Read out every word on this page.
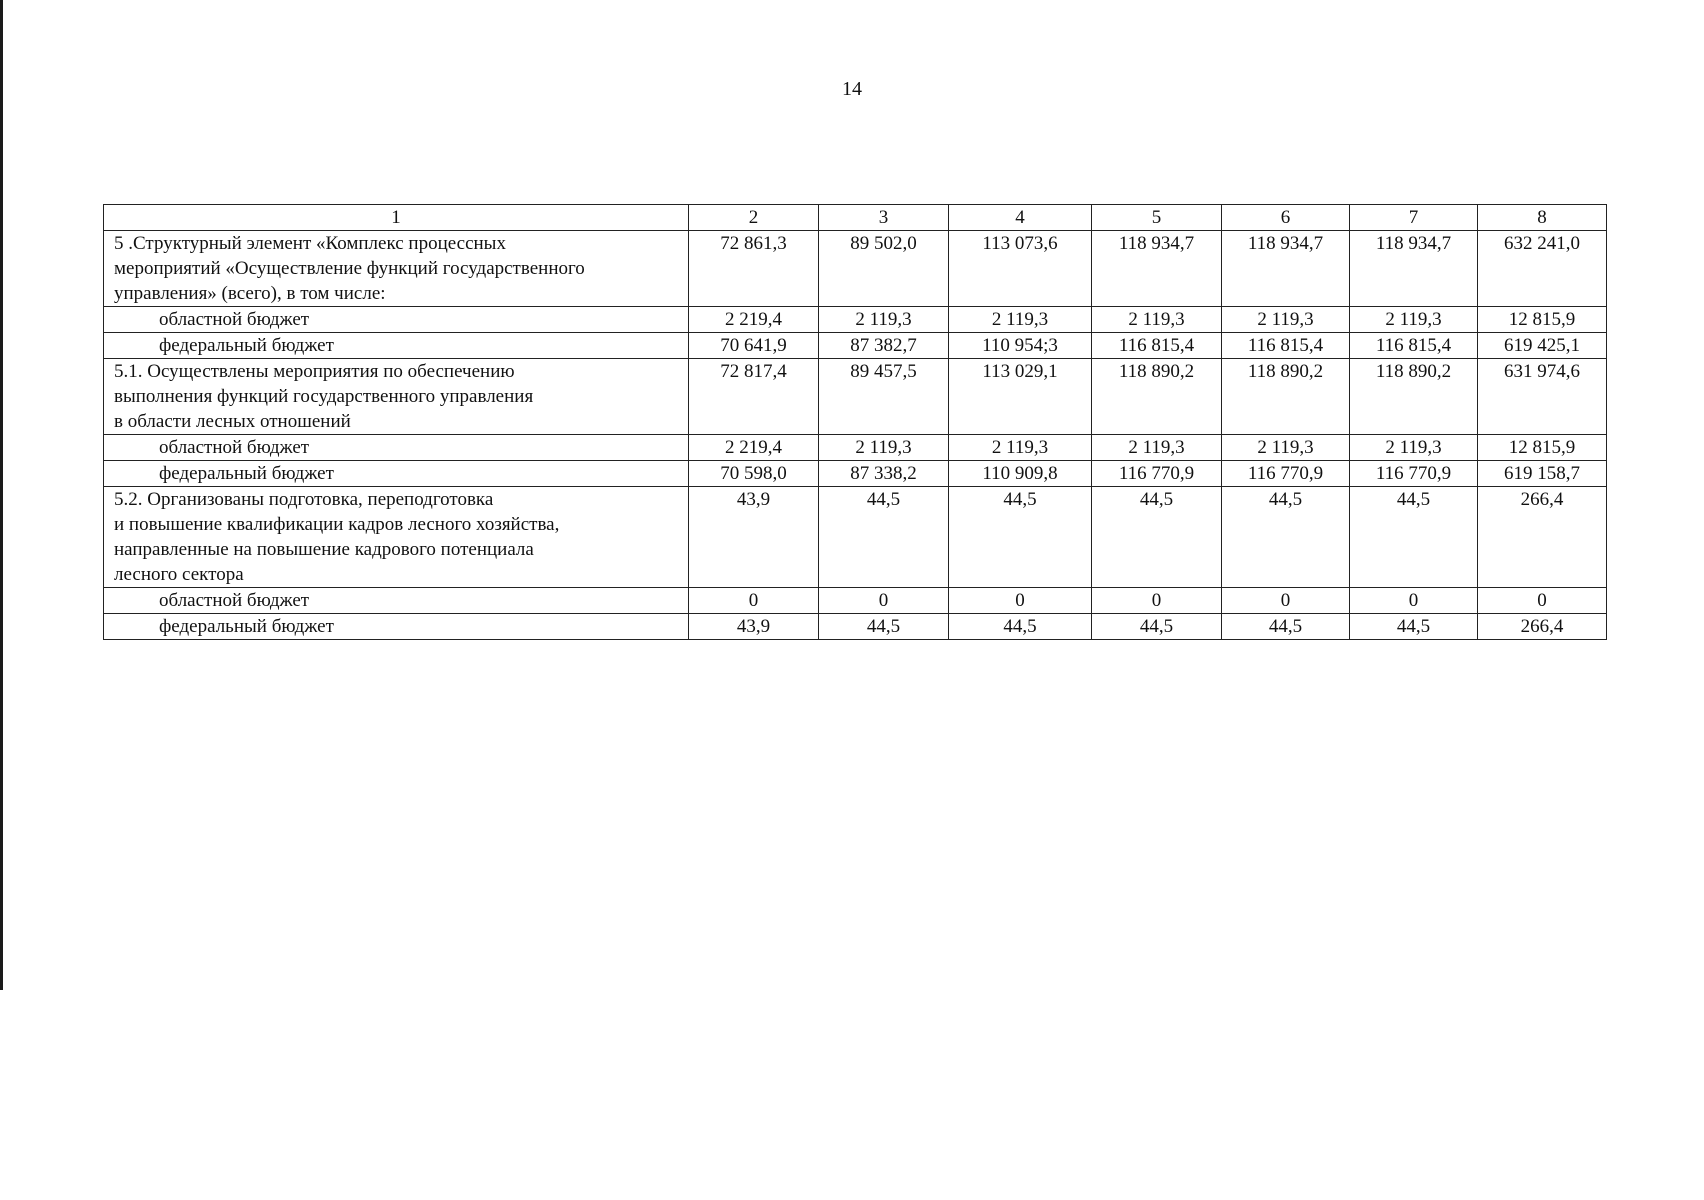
14
1	2	3	4	5	6	7	8

5 .Структурный элемент «Комплекс процессных
мероприятий «Осуществление функций государственного
управления» (всего), в том числе:	72 861,3	89 502,0	113 073,6	118 934,7	118 934,7	118 934,7	632 241,0
областной бюджет	2 219,4	2 119,3	2 119,3	2 119,3	2 119,3	2 119,3	12 815,9
федеральный бюджет	70 641,9	87 382,7	110 954;3	116 815,4	116 815,4	116 815,4	619 425,1

5.1. Осуществлены мероприятия по обеспечению
выполнения функций государственного управления
в области лесных отношений	72 817,4	89 457,5	113 029,1	118 890,2	118 890,2	118 890,2	631 974,6
областной бюджет	2 219,4	2 119,3	2 119,3	2 119,3	2 119,3	2 119,3	12 815,9
федеральный бюджет	70 598,0	87 338,2	110 909,8	116 770,9	116 770,9	116 770,9	619 158,7

5.2. Организованы подготовка, переподготовка
и повышение квалификации кадров лесного хозяйства,
направленные на повышение кадрового потенциала
лесного сектора	43,9	44,5	44,5	44,5	44,5	44,5	266,4
областной бюджет	0	0	0	0	0	0	0
федеральный бюджет	43,9	44,5	44,5	44,5	44,5	44,5	266,4
